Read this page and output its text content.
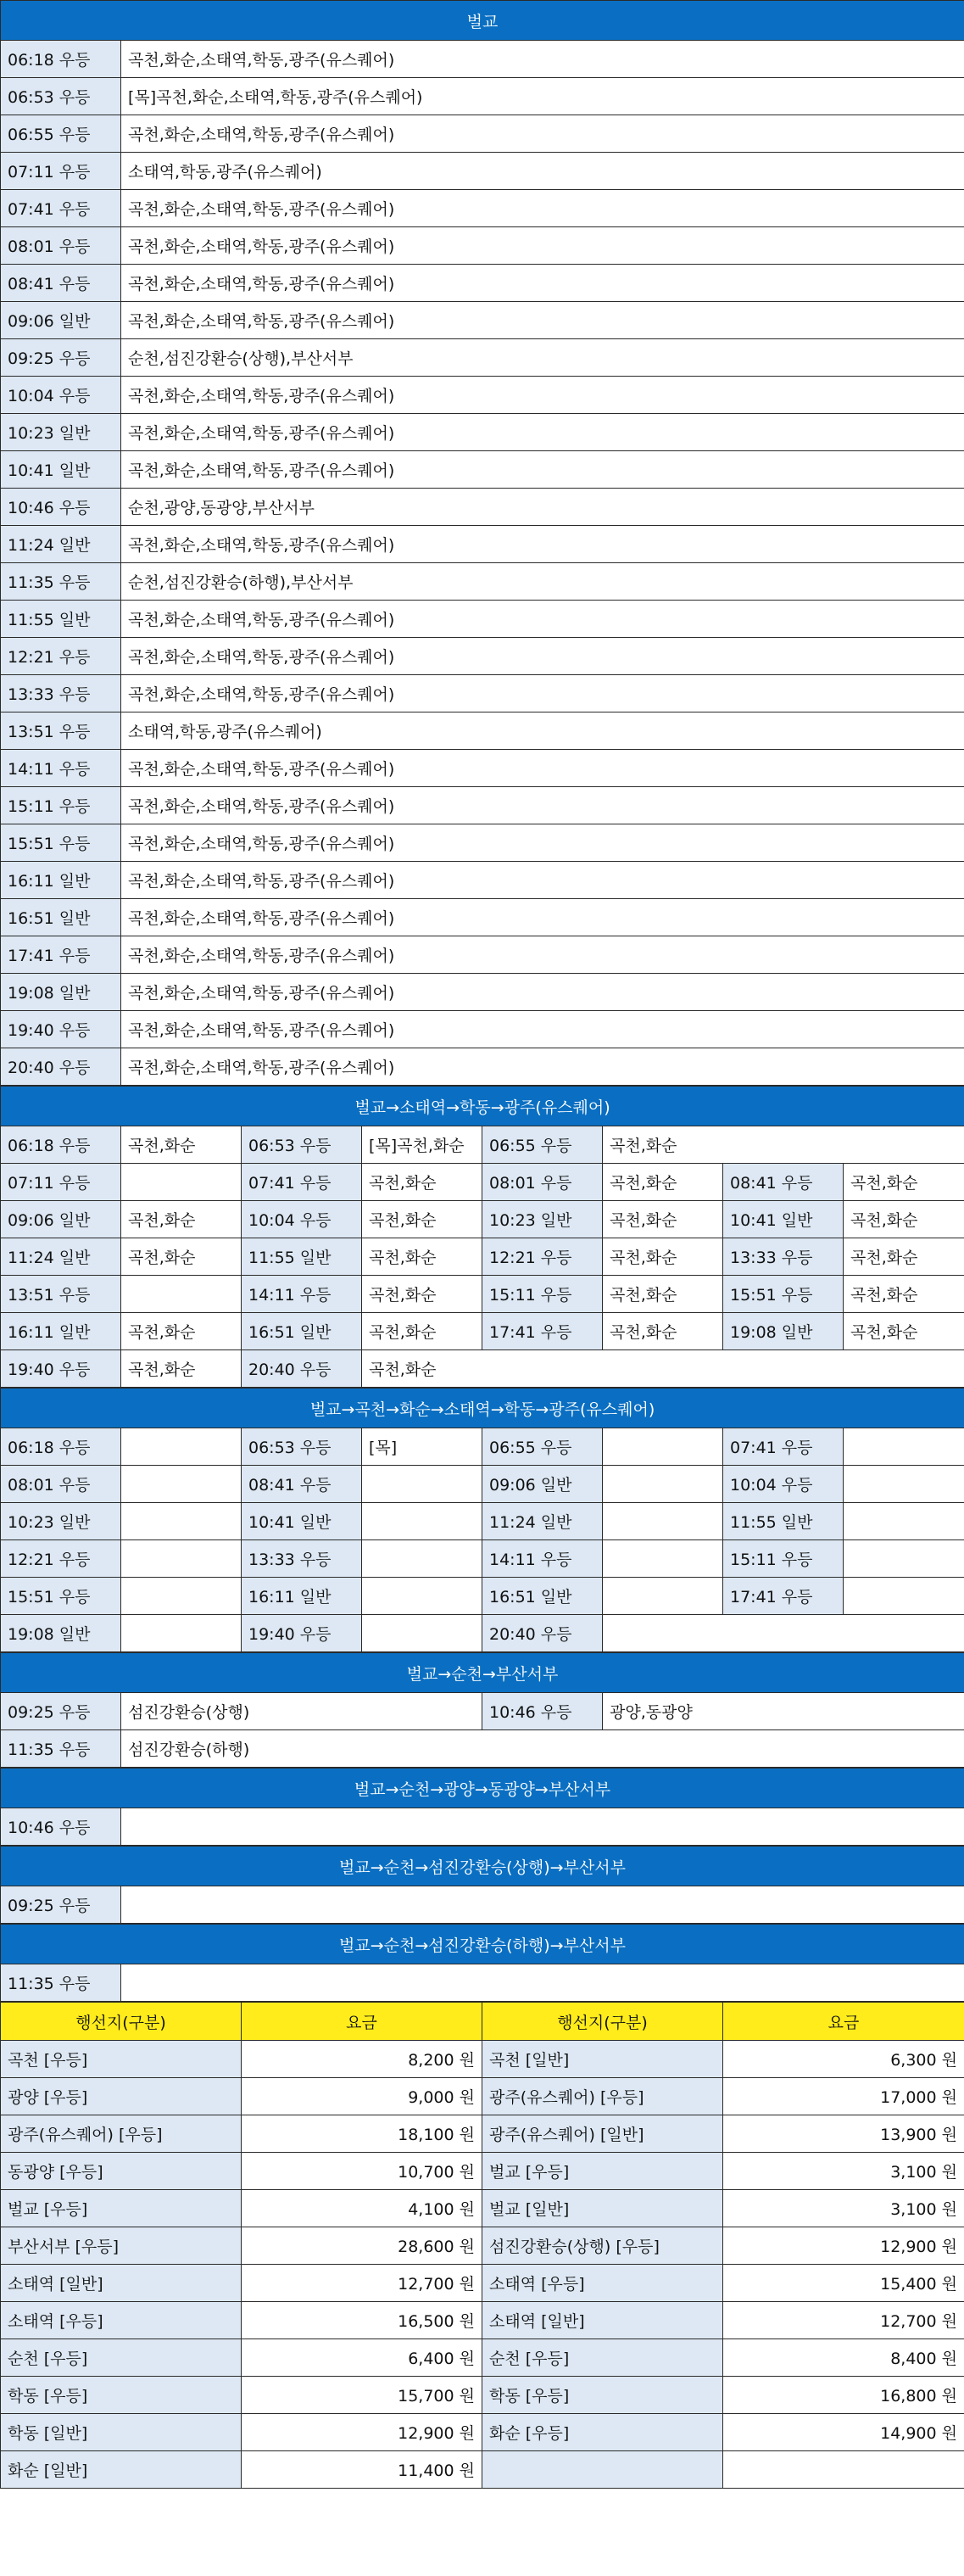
벌교	
06:18 우등	곡천,화순,소태역,학동,광주(유스퀘어)
06:53 우등	[목]곡천,화순,소태역,학동,광주(유스퀘어)
06:55 우등	곡천,화순,소태역,학동,광주(유스퀘어)
07:11 우등	소태역,학동,광주(유스퀘어)
07:41 우등	곡천,화순,소태역,학동,광주(유스퀘어)
08:01 우등	곡천,화순,소태역,학동,광주(유스퀘어)
08:41 우등	곡천,화순,소태역,학동,광주(유스퀘어)
09:06 일반	곡천,화순,소태역,학동,광주(유스퀘어)
09:25 우등	순천,섬진강환승(상행),부산서부
10:04 우등	곡천,화순,소태역,학동,광주(유스퀘어)
10:23 일반	곡천,화순,소태역,학동,광주(유스퀘어)
10:41 일반	곡천,화순,소태역,학동,광주(유스퀘어)
10:46 우등	순천,광양,동광양,부산서부
11:24 일반	곡천,화순,소태역,학동,광주(유스퀘어)
11:35 우등	순천,섬진강환승(하행),부산서부
11:55 일반	곡천,화순,소태역,학동,광주(유스퀘어)
12:21 우등	곡천,화순,소태역,학동,광주(유스퀘어)
13:33 우등	곡천,화순,소태역,학동,광주(유스퀘어)
13:51 우등	소태역,학동,광주(유스퀘어)
14:11 우등	곡천,화순,소태역,학동,광주(유스퀘어)
15:11 우등	곡천,화순,소태역,학동,광주(유스퀘어)
15:51 우등	곡천,화순,소태역,학동,광주(유스퀘어)
16:11 일반	곡천,화순,소태역,학동,광주(유스퀘어)
16:51 일반	곡천,화순,소태역,학동,광주(유스퀘어)
17:41 우등	곡천,화순,소태역,학동,광주(유스퀘어)
19:08 일반	곡천,화순,소태역,학동,광주(유스퀘어)
19:40 우등	곡천,화순,소태역,학동,광주(유스퀘어)
20:40 우등	곡천,화순,소태역,학동,광주(유스퀘어)
벌교→소태역→학동→광주(유스퀘어)							
06:18 우등	곡천,화순	06:53 우등	[목]곡천,화순	06:55 우등	곡천,화순		
07:11 우등		07:41 우등	곡천,화순	08:01 우등	곡천,화순	08:41 우등	곡천,화순
09:06 일반	곡천,화순	10:04 우등	곡천,화순	10:23 일반	곡천,화순	10:41 일반	곡천,화순
11:24 일반	곡천,화순	11:55 일반	곡천,화순	12:21 우등	곡천,화순	13:33 우등	곡천,화순
13:51 우등		14:11 우등	곡천,화순	15:11 우등	곡천,화순	15:51 우등	곡천,화순
16:11 일반	곡천,화순	16:51 일반	곡천,화순	17:41 우등	곡천,화순	19:08 일반	곡천,화순
19:40 우등	곡천,화순	20:40 우등	곡천,화순				
벌교→곡천→화순→소태역→학동→광주(유스퀘어)							
06:18 우등		06:53 우등	[목]	06:55 우등		07:41 우등	
08:01 우등		08:41 우등		09:06 일반		10:04 우등	
10:23 일반		10:41 일반		11:24 일반		11:55 일반	
12:21 우등		13:33 우등		14:11 우등		15:11 우등	
15:51 우등		16:11 일반		16:51 일반		17:41 우등	
19:08 일반		19:40 우등		20:40 우등			
벌교→순천→부산서부			
09:25 우등	섬진강환승(상행)	10:46 우등	광양,동광양
11:35 우등	섬진강환승(하행)		
벌교→순천→광양→동광양→부산서부
10:46 우등	
벌교→순천→섬진강환승(상행)→부산서부
09:25 우등	
벌교→순천→섬진강환승(하행)→부산서부
11:35 우등	
행선지(구분)	요금	행선지(구분)	요금
곡천 [우등]	8,200 원	곡천 [일반]	6,300 원
광양 [우등]	9,000 원	광주(유스퀘어) [우등]	17,000 원
광주(유스퀘어) [우등]	18,100 원	광주(유스퀘어) [일반]	13,900 원
동광양 [우등]	10,700 원	벌교 [우등]	3,100 원
벌교 [우등]	4,100 원	벌교 [일반]	3,100 원
부산서부 [우등]	28,600 원	섬진강환승(상행) [우등]	12,900 원
소태역 [일반]	12,700 원	소태역 [우등]	15,400 원
소태역 [우등]	16,500 원	소태역 [일반]	12,700 원
순천 [우등]	6,400 원	순천 [우등]	8,400 원
학동 [우등]	15,700 원	학동 [우등]	16,800 원
학동 [일반]	12,900 원	화순 [우등]	14,900 원
화순 [일반]	11,400 원		
